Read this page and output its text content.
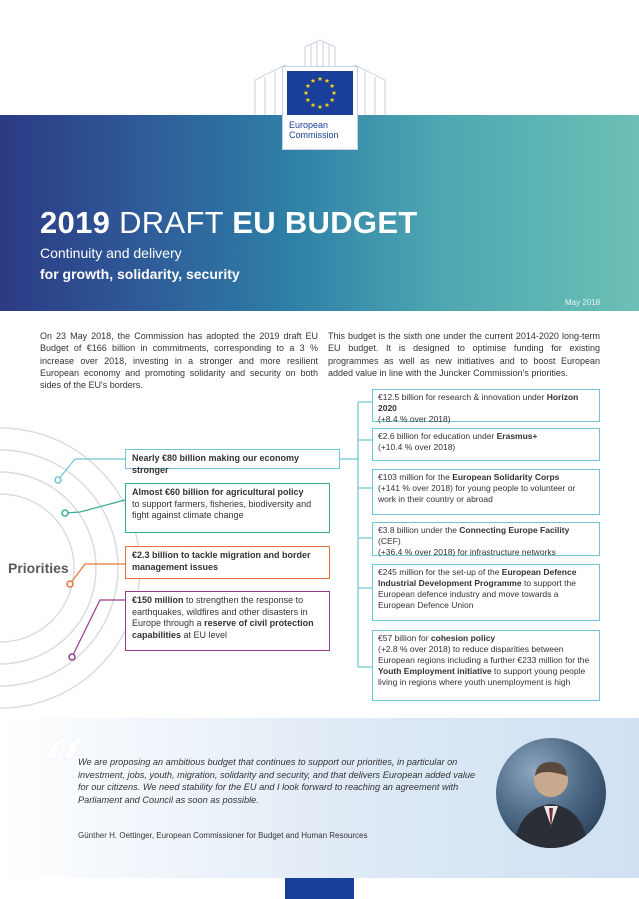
European
Commission
2019 DRAFT EU BUDGET
Continuity and delivery
for growth, solidarity, security
May 2018
On 23 May 2018, the Commission has adopted the 2019 draft EU Budget of €166 billion in commitments, corresponding to a 3 % increase over 2018, investing in a stronger and more resilient European economy and promoting solidarity and security on both sides of the EU's borders.
This budget is the sixth one under the current 2014-2020 long-term EU budget. It is designed to optimise funding for existing programmes as well as new initiatives and to boost European added value in line with the Juncker Commission's priorities.
Priorities
Nearly €80 billion making our economy stronger
Almost €60 billion for agricultural policy
to support farmers, fisheries, biodiversity and fight against climate change
€2.3 billion to tackle migration and border management issues
€150 million to strengthen the response to earthquakes, wildfires and other disasters in Europe through a reserve of civil protection capabilities at EU level
€12.5 billion for research & innovation under Horizon 2020
(+8.4 % over 2018)
€2.6 billion for education under Erasmus+
(+10.4 % over 2018)
€103 million for the European Solidarity Corps
(+141 % over 2018) for young people to volunteer or work in their country or abroad
€3.8 billion under the Connecting Europe Facility (CEF)
(+36.4 % over 2018) for infrastructure networks
€245 million for the set-up of the European Defence Industrial Development Programme to support the European defence industry and move towards a European Defence Union
€57 billion for cohesion policy
(+2.8 % over 2018) to reduce disparities between European regions including a further €233 million for the Youth Employment initiative to support young people living in regions where youth unemployment is high
“
We are proposing an ambitious budget that continues to support our priorities, in particular on investment, jobs, youth, migration, solidarity and security, and that delivers European added value for our citizens. We need stability for the EU and I look forward to reaching an agreement with Parliament and Council as soon as possible.
Günther H. Oettinger, European Commissioner for Budget and Human Resources
